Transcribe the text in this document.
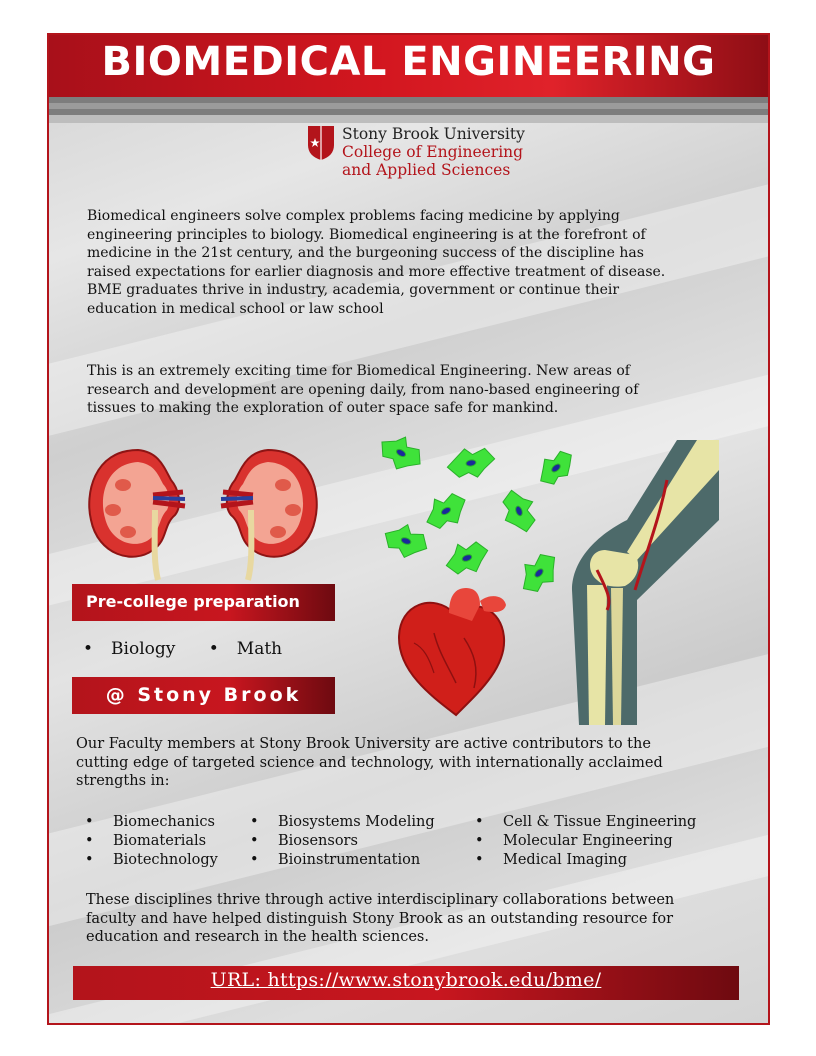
BIOMEDICAL ENGINEERING
Stony Brook University
College of Engineering
and Applied Sciences
Biomedical engineers solve complex problems facing medicine by applying
engineering principles to biology. Biomedical engineering is at the forefront of
medicine in the 21st century, and the burgeoning success of the discipline has
raised expectations for earlier diagnosis and more effective treatment of disease.
BME graduates thrive in industry, academia, government or continue their
education in medical school or law school
This is an extremely exciting time for Biomedical Engineering. New areas of
research and development are opening daily, from nano-based engineering of
tissues to making the exploration of outer space safe for mankind.
Pre-college preparation
• Biology • Math
@ Stony Brook
Our Faculty members at Stony Brook University are active contributors to the
cutting edge of targeted science and technology, with internationally acclaimed
strengths in:
• Biomechanics
• Biomaterials
• Biotechnology
• Biosystems Modeling
• Biosensors
• Bioinstrumentation
• Cell & Tissue Engineering
• Molecular Engineering
• Medical Imaging
These disciplines thrive through active interdisciplinary collaborations between
faculty and have helped distinguish Stony Brook as an outstanding resource for
education and research in the health sciences.
URL: https://www.stonybrook.edu/bme/
